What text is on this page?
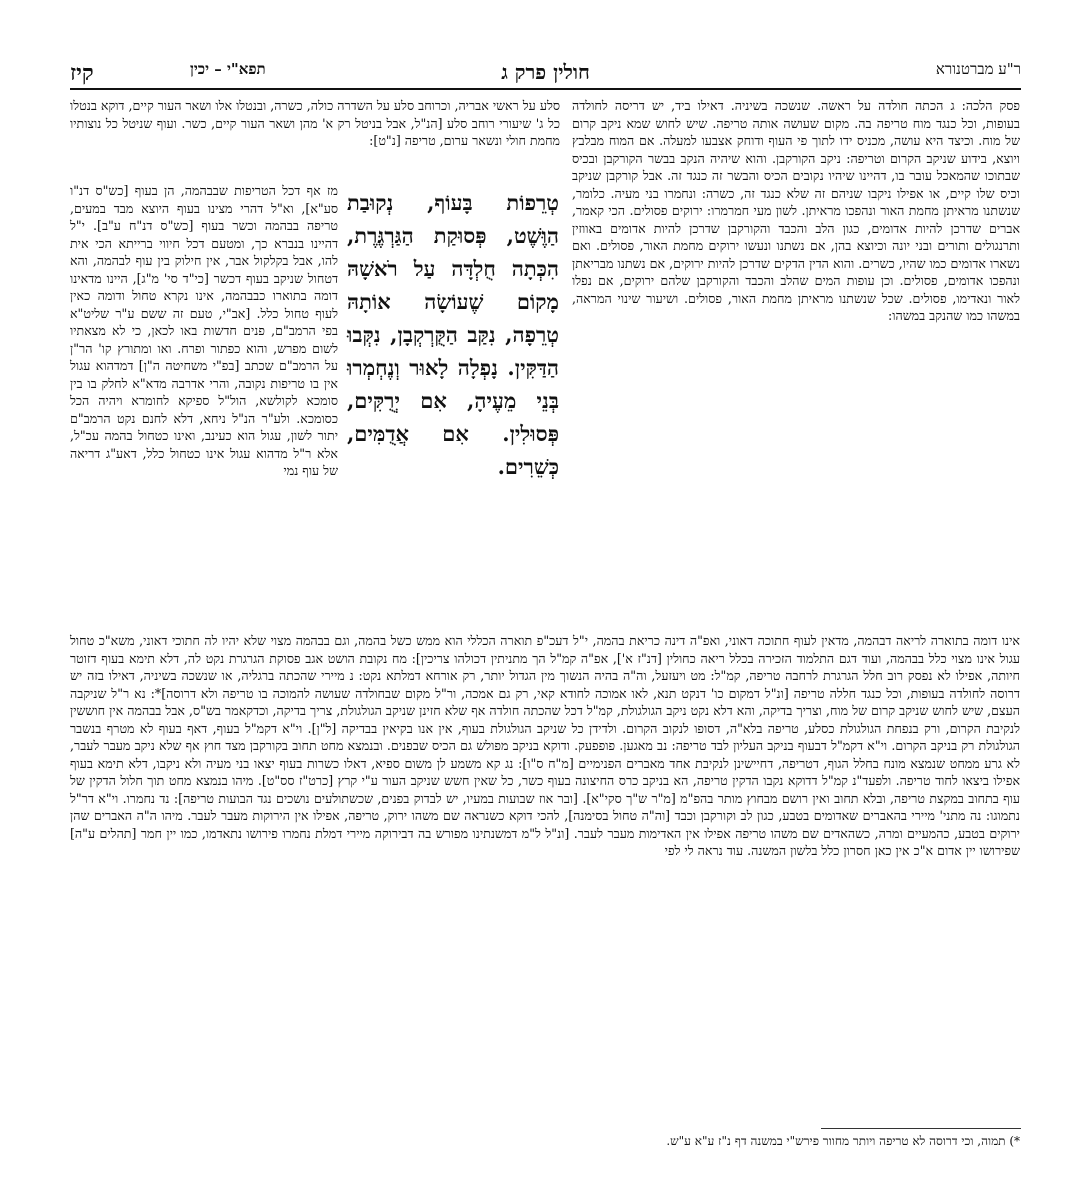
ר"ע מברטנורא
חולין פרק ג
תפא"י – יכין
קיז

פסק הלכה: ג הכתה חולדה על ראשה. שנשכה בשיניה. דאילו ביד, יש דריסה לחולדה בעופות, וכל כנגד מוח טריפה בה. מקום שעושה אותה טריפה. שיש לחוש שמא ניקב קרום של מוח. וכיצד היא עושה, מכניס ידו לתוך פי העוף ודוחק אצבעו למעלה. אם המוח מבלבץ ויוצא, בידוע שניקב הקרום וטריפה: ניקב הקורקבן. והוא שיהיה הנקב בבשר הקורקבן ובכיס שבתוכו שהמאכל עובר בו, דהיינו שיהיו נקובים הכיס והבשר זה כנגד זה. אבל קורקבן שניקב וכיס שלו קיים, או אפילו ניקבו שניהם זה שלא כנגד זה, כשרה: ונחמרו בני מעיה. כלומר, שנשתנו מראיתן מחמת האור ונהפכו מראיתן. לשון מעי חמרמרו: ירוקים פסולים. הכי קאמר, אברים שדרכן להיות אדומים, כגון הלב והכבד והקורקבן שדרכן להיות אדומים באווזין ותרנגולים ותורים ובני יונה וכיוצא בהן, אם נשתנו ונעשו ירוקים מחמת האור, פסולים. ואם נשארו אדומים כמו שהיו, כשרים. והוא הדין הדקים שדרכן להיות ירוקים, אם נשתנו מבריאתן ונהפכו אדומים, פסולים. וכן עופות המים שהלב והכבד והקורקבן שלהם ירוקים, אם נפלו לאור ונאדימו, פסולים. שכל שנשתנו מראיתן מחמת האור, פסולים. ושיעור שינוי המראה, במשהו כמו שהנקב במשהו:

סלע על ראשי אבריה, וכרוחב סלע על השדרה כולה, כשרה, ובנטלו אלו ושאר העור קיים, דוקא בנטלו כל ג' שיעורי רוחב סלע [הנ"ל, אבל בניטל רק א' מהן ושאר העור קיים, כשר. ועוף שניטל כל נוצותיו מחמת חולי ונשאר ערום, טריפה [נ"ט]:

טְרֵפוֹת בָּעוֹף, נְקוּבַת הַוֶּשֶׁט, פְּסוּקַת הַגַּרְגֶּרֶת, הִכְּתָה חֻלְדָּה עַל רֹאשָׁהּ מָקוֹם שֶׁעוֹשָׂה אוֹתָהּ טְרֵפָה, נִקַּב הַקֻּרְקְבָן, נִקְּבוּ הַדַּקִּין. נָפְלָה לָאוּר וְנֶחְמְרוּ בְּנֵי מֵעֶיהָ, אִם יְרֻקִּים, פְּסוּלִין. אִם אֲדֻמִּים, כְּשֵׁרִים.

מז אף דכל הטריפות שבבהמה, הן בעוף [כש"ס דנ"ו סע"א], וא"ל דהרי מצינו בעוף היוצא מבד במעים, טריפה בבהמה וכשר בעוף [כש"ס דנ"ח ע"ב]. י"ל דהיינו בנברא כך, ומטעם דכל חיווי ברייתא הכי אית להו, אבל בקלקול אבר, אין חילוק בין עוף לבהמה, והא דטחול שניקב בעוף דכשר [כי"ד סי' מ"ג], היינו מדאינו דומה בתוארו כבבהמה, אינו נקרא טחול ודומה כאין לעוף טחול כלל. [אב"י, טעם זה ששם ע"ר שליט"א בפי הרמב"ם, פנים חדשות באו לכאן, כי לא מצאתיו לשום מפרש, והוא כפתור ופרח. ואו ומתורץ קו' הר"ן על הרמב"ם שכתב [בפ"י משחיטה ה"ן] דמדהוא עגול אין בו טריפות נקובה, והרי אדרבה מדא"א לחלק בו בין סומכא לקולשא, הול"ל ספיקא לחומרא ויהיה הכל כסומכא. ולע"ר הנ"ל ניחא, דלא לחנם נקט הרמב"ם יתור לשון, עגול הוא כעינב, ואינו כטחול בהמה עכ"ל, אלא ר"ל מדהוא עגול אינו כטחול כלל, דאע"ג דריאה של עוף נמי

אינו דומה בתוארה לריאה דבהמה, מדאין לעוף חתוכה דאוני, ואפ"ה דינה כריאת בהמה, י"ל דעכ"פ תוארה הכללי הוא ממש כשל בהמה, וגם בבהמה מצוי שלא יהיו לה חתוכי דאוני, משא"כ טחול עגול אינו מצוי כלל בבהמה, ועוד דגם התלמוד הזכירה בכלל ריאה כחולין [דנ"ז א'], אפ"ה קמ"ל הך מתניתין דכולהו צריכין]: מח נקובת הושט אגב פסוקת הגרגרת נקט לה, דלא תימא בעוף דזוטר חיותה, אפילו לא נפסק רוב חלל הגרגרת לרחבה טריפה, קמ"ל: מט ויעזעל, וה"ה בהיה הנשוך מין הגדול יותר, רק אורחא דמלתא נקט: נ מיירי שהכתה ברגליה, או שנשכה בשיניה, דאילו בזה יש דרוסה לחולדה בעופות, וכל כנגד חללה טריפה [ונ"ל דמקום כו' דנקט תנא, לאו אמוכה לחודא קאי, רק גם אמכה, ור"ל מקום שבחולדה שעושה להמוכה בו טריפה ולא דרוסה]*: נא ר"ל שניקבה העצם, שיש לחוש שניקב קרום של מוח, וצריך בדיקה, והא דלא נקט ניקב הגולגולת, קמ"ל דכל שהכתה חולדה אף שלא חזינן שניקב הגולגולת, צריך בדיקה, וכדקאמר בש"ס, אבל בבהמה אין חוששין לנקיבת הקרום, ורק בנפחת הגולגולת כסלע, טריפה בלא"ה, דסופו לנקוב הקרום. ולדידן כל שניקב הגולגולת בעוף, אין אנו בקיאין בבדיקה [ל"ן]. וי"א דקמ"ל בעוף, דאף בעוף לא מטרף בנשבר הגולגולת רק בניקב הקרום. וי"א דקמ"ל דבעוף בניקב העליון לבד טריפה: נב מאגען. פופפעק. ודוקא בניקב מפולש גם הכיס שבפנים. ובנמצא מחט תחוב בקורקבן מצד חוץ אף שלא ניקב מעבר לעבר, לא גרע ממחט שנמצא מונח בחלל הגוף, דטריפה, דחיישינן לנקיבת אחד מאברים הפנימיים [מ"ח ס"ו]: נג קא משמע לן משום ספיא, דאלו כשרות בעוף יצאו בני מעיה ולא ניקבו, דלא תימא בעוף אפילו ביצאו לחוד טריפה. ולפעד"נ קמ"ל דדוקא נקבו הדקין טריפה, הא בניקב כרס החיצונה בעוף כשר, כל שאין חשש שניקב העור ע"י קרץ [כרט"ז סס"ט]. מיהו בנמצא מחט תוך חלול הדקין של עוף בתחוב במקצת טריפה, ובלא תחוב ואין רושם מבחוץ מותר בהפ"מ [מ"ר ש"ך סקי"א]. [ובר אוז שבועות במעיו, יש לבדוק בפנים, שכשתולעים נושכים נגד הבועות טריפה]: נד נחמרו. וי"א דר"ל נתמוגו: נה מתני' מיירי בהאברים שאדומים בטבע, כגון לב וקורקבן וכבד [וה"ה טחול בסימנה], להכי דוקא כשנראה שם משהו ירוק, טריפה, אפילו אין הירוקות מעבר לעבר. מיהו ה"ה האברים שהן ירוקים בטבע, כהמעיים ומרה, כשהאדים שם משהו טריפה אפילו אין האדימות מעבר לעבר. [ונ"ל ל"מ דמשנתינו מפורש בה דבירוקה מיירי דמלת נחמרו פירושו נתאדמו, כמו יין חמר [תהלים ע"ה] שפירושו יין אדום א"כ אין כאן חסרון כלל בלשון המשנה. עוד נראה לי לפי

*) תמוה, וכי דרוסה לא טריפה ויותר מחוור פירש"י במשנה דף נ"ז ע"א ע"ש.
